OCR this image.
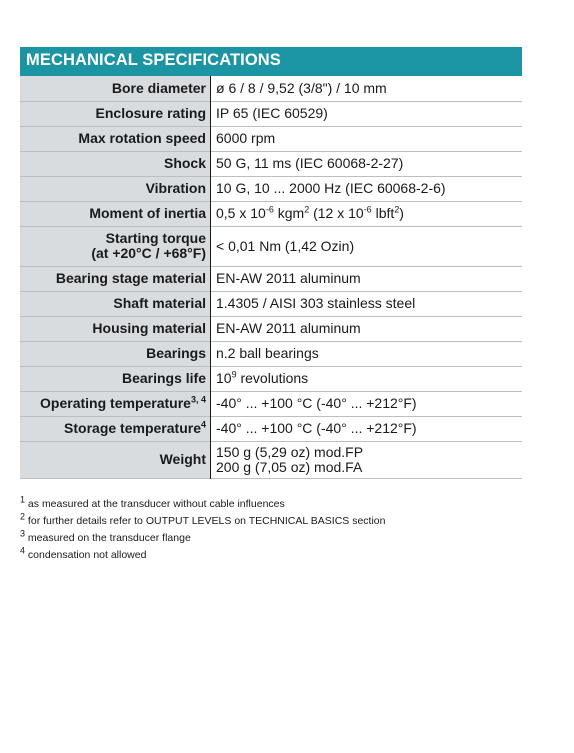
MECHANICAL SPECIFICATIONS
Bore diameter	ø 6 / 8 / 9,52 (3/8") / 10 mm
Enclosure rating	IP 65 (IEC 60529)
Max rotation speed	6000 rpm
Shock	50 G, 11 ms (IEC 60068-2-27)
Vibration	10 G, 10 ... 2000 Hz (IEC 60068-2-6)
Moment of inertia	0,5 x $10^{-6}$ kgm$^2$ (12 x $10^{-6}$ lbft$^2$)

Starting torque
(at +20°C / +68°F)	< 0,01 Nm (1,42 Ozin)
Bearing stage material	EN-AW 2011 aluminum
Shaft material	1.4305 / AISI 303 stainless steel
Housing material	EN-AW 2011 aluminum
Bearings	n.2 ball bearings
Bearings life	$10^9$ revolutions
Operating temperature$^{3, 4}$	-40° ... +100 °C (-40° ... +212°F)
Storage temperature$^4$	-40° ... +100 °C (-40° ... +212°F)
Weight	150 g (5,29 oz) mod.FP
200 g (7,05 oz) mod.FA
1 as measured at the transducer without cable influences
2 for further details refer to OUTPUT LEVELS on TECHNICAL BASICS section
3 measured on the transducer flange
4 condensation not allowed
